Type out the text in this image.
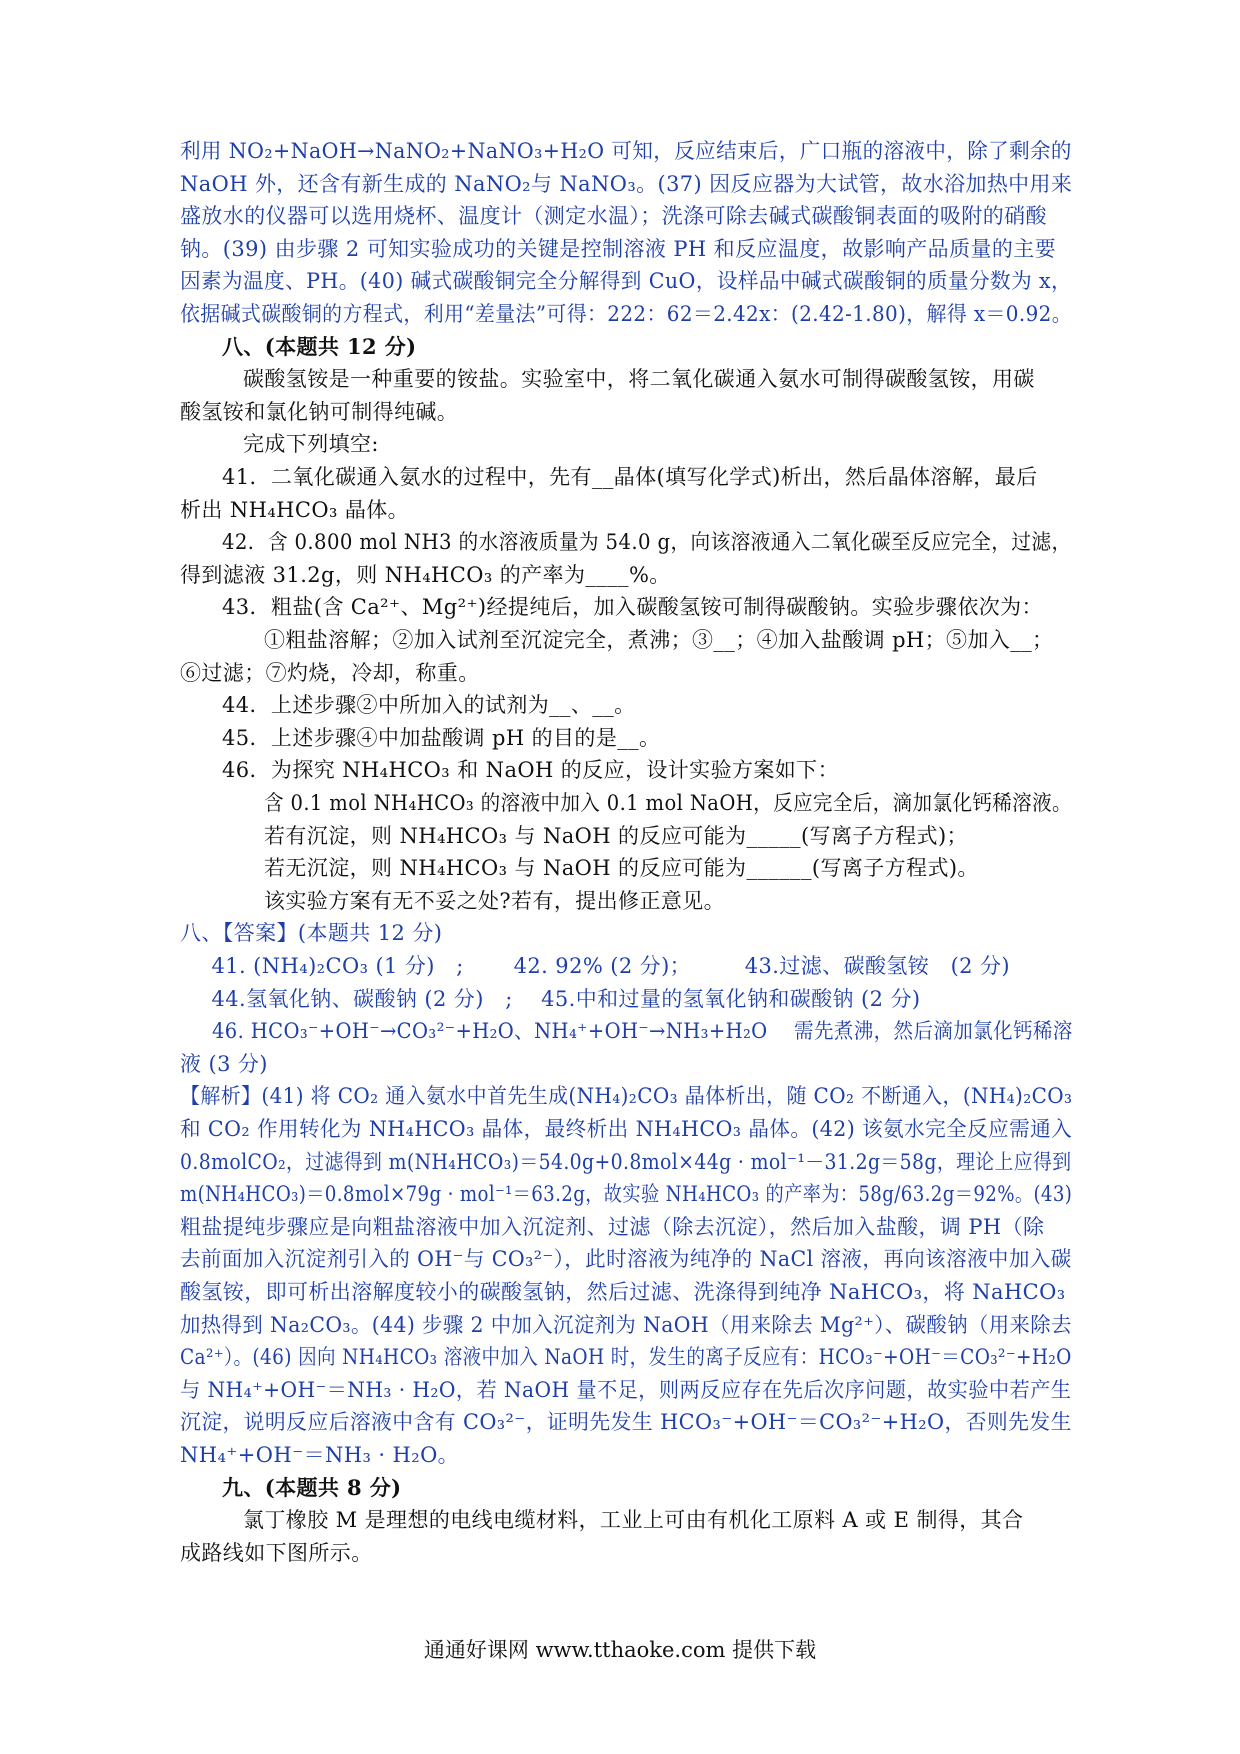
利用 NO₂+NaOH→NaNO₂+NaNO₃+H₂O 可知，反应结束后，广口瓶的溶液中，除了剩余的
NaOH 外，还含有新生成的 NaNO₂与 NaNO₃。(37) 因反应器为大试管，故水浴加热中用来
盛放水的仪器可以选用烧杯、温度计（测定水温）；洗涤可除去碱式碳酸铜表面的吸附的硝酸
钠。(39) 由步骤 2 可知实验成功的关键是控制溶液 PH 和反应温度，故影响产品质量的主要
因素为温度、PH。(40) 碱式碳酸铜完全分解得到 CuO，设样品中碱式碳酸铜的质量分数为 x，
依据碱式碳酸铜的方程式，利用“差量法”可得：222：62＝2.42x：(2.42-1.80)，解得 x＝0.92。
八、(本题共 12 分)
碳酸氢铵是一种重要的铵盐。实验室中，将二氧化碳通入氨水可制得碳酸氢铵，用碳
酸氢铵和氯化钠可制得纯碱。
完成下列填空:
41．二氧化碳通入氨水的过程中，先有__晶体(填写化学式)析出，然后晶体溶解，最后
析出 NH₄HCO₃ 晶体。
42．含 0.800 mol NH3 的水溶液质量为 54.0 g，向该溶液通入二氧化碳至反应完全，过滤，
得到滤液 31.2g，则 NH₄HCO₃ 的产率为____%。
43．粗盐(含 Ca²⁺、Mg²⁺)经提纯后，加入碳酸氢铵可制得碳酸钠。实验步骤依次为：
①粗盐溶解；②加入试剂至沉淀完全，煮沸；③__；④加入盐酸调 pH；⑤加入__；
⑥过滤；⑦灼烧，冷却，称重。
44．上述步骤②中所加入的试剂为__、__。
45．上述步骤④中加盐酸调 pH 的目的是__。
46．为探究 NH₄HCO₃ 和 NaOH 的反应，设计实验方案如下：
含 0.1 mol NH₄HCO₃ 的溶液中加入 0.1 mol NaOH，反应完全后，滴加氯化钙稀溶液。
若有沉淀，则 NH₄HCO₃ 与 NaOH 的反应可能为_____(写离子方程式)；
若无沉淀，则 NH₄HCO₃ 与 NaOH 的反应可能为______(写离子方程式)。
该实验方案有无不妥之处?若有，提出修正意见。
八、【答案】(本题共 12 分)
41. (NH₄)₂CO₃ (1 分)　;　　 42. 92% (2 分)；　　　43.过滤、碳酸氢铵　(2 分)
44.氢氧化钠、碳酸钠 (2 分)　;　 45.中和过量的氢氧化钠和碳酸钠 (2 分)
46. HCO₃⁻+OH⁻→CO₃²⁻+H₂O、NH₄⁺+OH⁻→NH₃+H₂O　 需先煮沸，然后滴加氯化钙稀溶
液 (3 分)
【解析】(41) 将 CO₂ 通入氨水中首先生成(NH₄)₂CO₃ 晶体析出，随 CO₂ 不断通入，(NH₄)₂CO₃
和 CO₂ 作用转化为 NH₄HCO₃ 晶体，最终析出 NH₄HCO₃ 晶体。(42) 该氨水完全反应需通入
0.8molCO₂，过滤得到 m(NH₄HCO₃)＝54.0g+0.8mol×44g · mol⁻¹－31.2g＝58g，理论上应得到
m(NH₄HCO₃)＝0.8mol×79g · mol⁻¹＝63.2g，故实验 NH₄HCO₃ 的产率为：58g/63.2g＝92%。(43)
粗盐提纯步骤应是向粗盐溶液中加入沉淀剂、过滤（除去沉淀），然后加入盐酸，调 PH（除
去前面加入沉淀剂引入的 OH⁻与 CO₃²⁻），此时溶液为纯净的 NaCl 溶液，再向该溶液中加入碳
酸氢铵，即可析出溶解度较小的碳酸氢钠，然后过滤、洗涤得到纯净 NaHCO₃，将 NaHCO₃
加热得到 Na₂CO₃。(44) 步骤 2 中加入沉淀剂为 NaOH（用来除去 Mg²⁺）、碳酸钠（用来除去
Ca²⁺）。(46) 因向 NH₄HCO₃ 溶液中加入 NaOH 时，发生的离子反应有：HCO₃⁻+OH⁻＝CO₃²⁻+H₂O
与 NH₄⁺+OH⁻＝NH₃ · H₂O，若 NaOH 量不足，则两反应存在先后次序问题，故实验中若产生
沉淀，说明反应后溶液中含有 CO₃²⁻，证明先发生 HCO₃⁻+OH⁻＝CO₃²⁻+H₂O，否则先发生
NH₄⁺+OH⁻＝NH₃ · H₂O。
九、(本题共 8 分)
氯丁橡胶 M 是理想的电线电缆材料，工业上可由有机化工原料 A 或 E 制得，其合
成路线如下图所示。
通通好课网 www.tthaoke.com 提供下载
